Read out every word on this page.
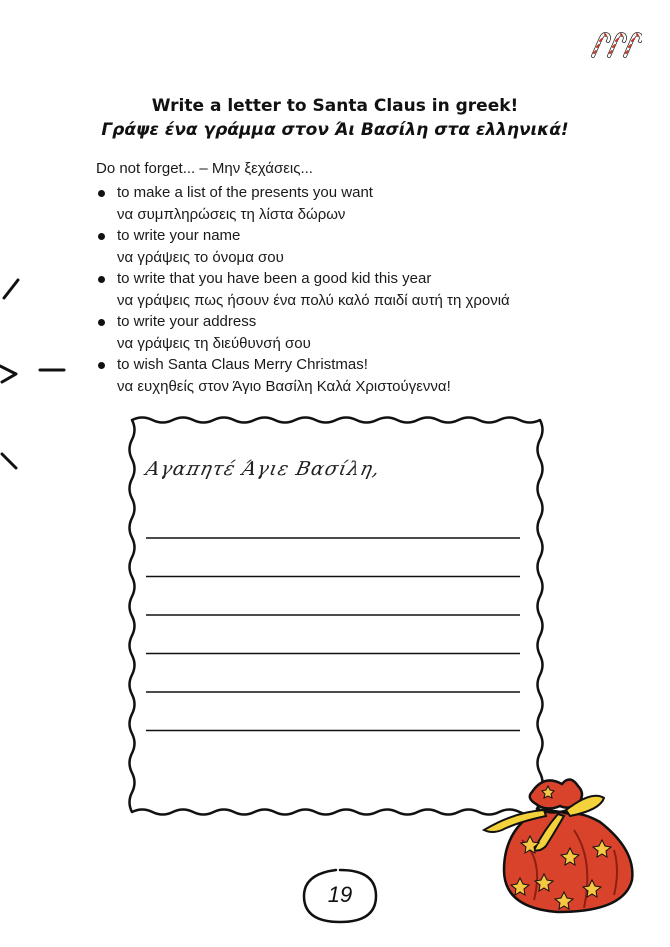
Write a letter to Santa Claus in greek!
Γράψε ένα γράμμα στον Άι Βασίλη στα ελληνικά!
Do not forget... – Μην ξεχάσεις...
to make a list of the presents you want
να συμπληρώσεις τη λίστα δώρων
to write your name
να γράψεις το όνομα σου
to write that you have been a good kid this year
να γράψεις πως ήσουν ένα πολύ καλό παιδί αυτή τη χρονιά
to write your address
να γράψεις τη διεύθυνσή σου
to wish Santa Claus Merry Christmas!
να ευχηθείς στον Άγιο Βασίλη Καλά Χριστούγεννα!
Αγαπητέ Άγιε Βασίλη,
19
